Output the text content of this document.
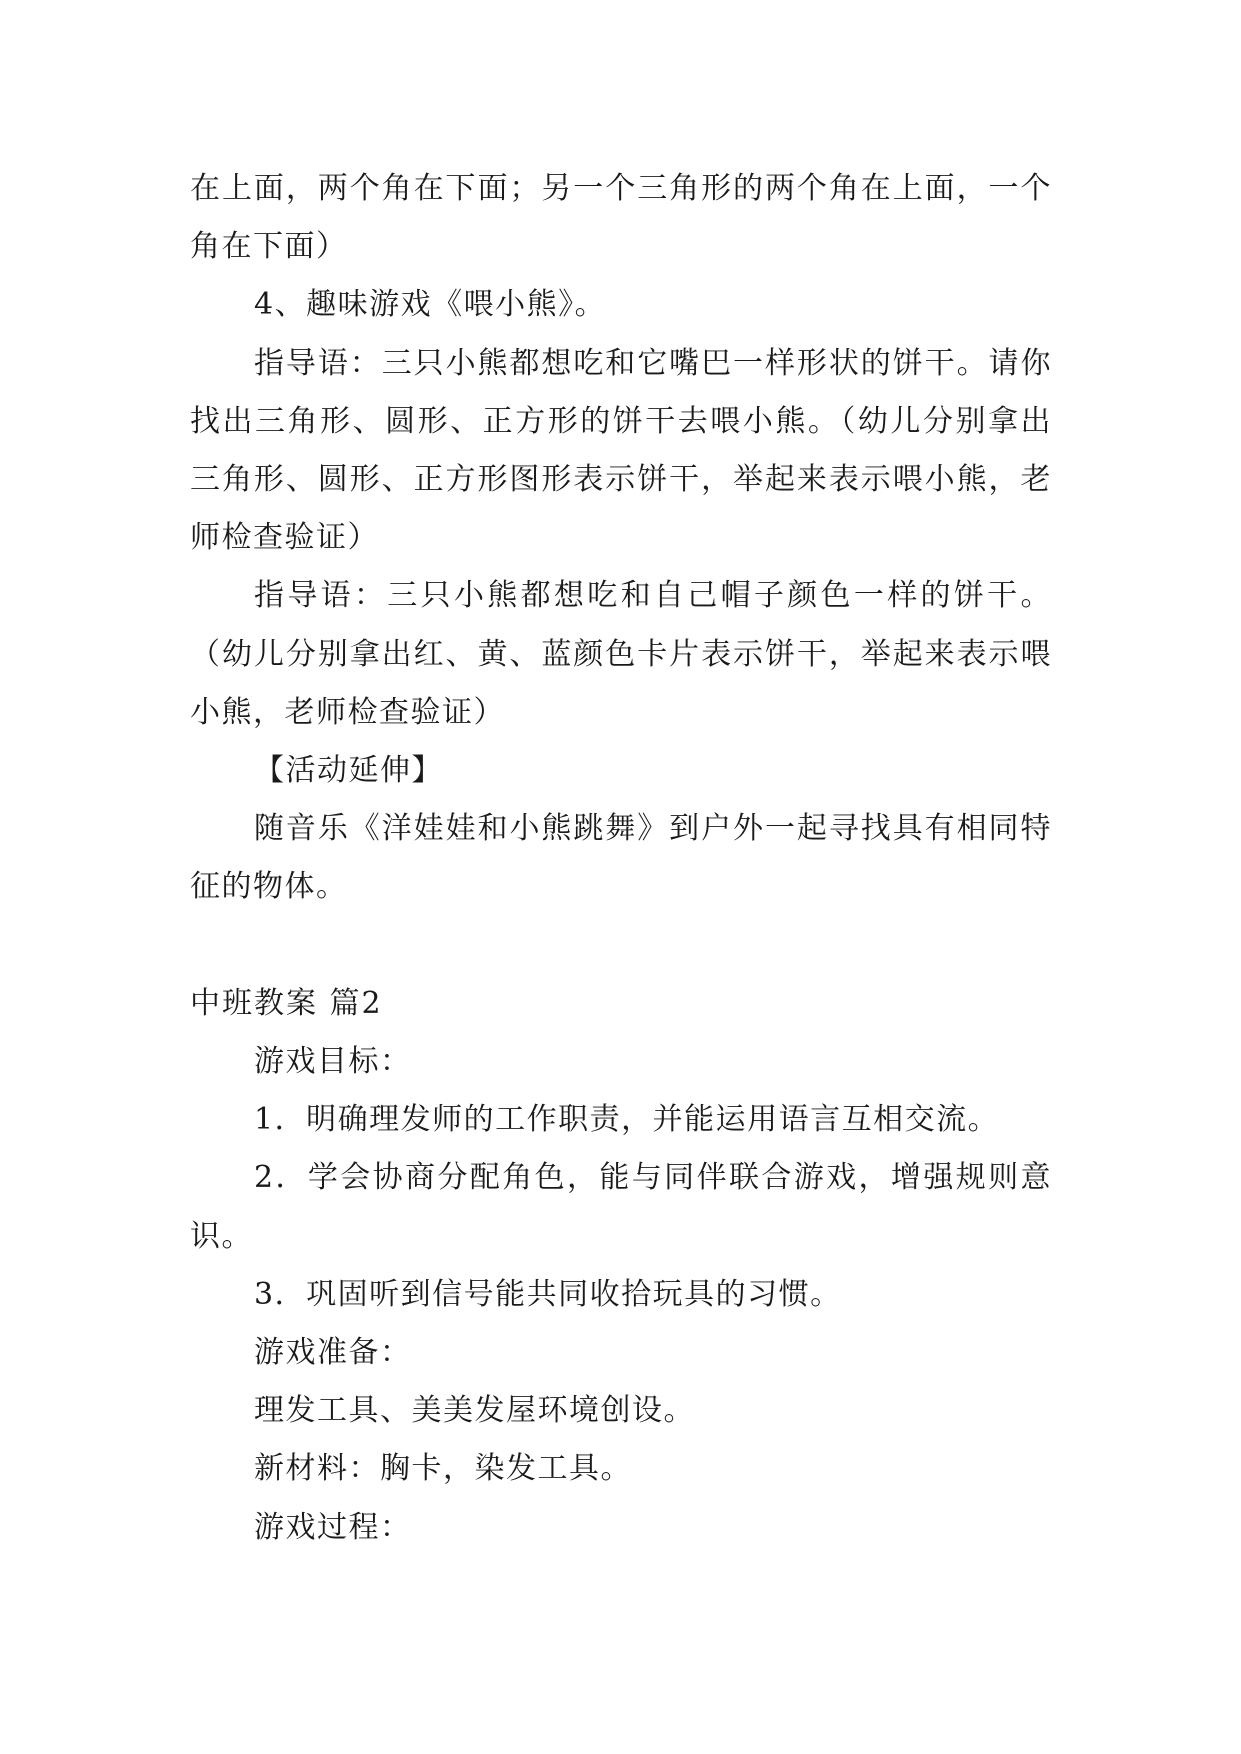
在上面，两个角在下面；另一个三角形的两个角在上面，一个角在下面）

4、趣味游戏《喂小熊》。

指导语：三只小熊都想吃和它嘴巴一样形状的饼干。请你找出三角形、圆形、正方形的饼干去喂小熊。（幼儿分别拿出三角形、圆形、正方形图形表示饼干，举起来表示喂小熊，老师检查验证）

指导语：三只小熊都想吃和自己帽子颜色一样的饼干。（幼儿分别拿出红、黄、蓝颜色卡片表示饼干，举起来表示喂小熊，老师检查验证）

【活动延伸】

随音乐《洋娃娃和小熊跳舞》到户外一起寻找具有相同特征的物体。

中班教案 篇2

游戏目标：

1．明确理发师的工作职责，并能运用语言互相交流。

2．学会协商分配角色，能与同伴联合游戏，增强规则意识。

3．巩固听到信号能共同收拾玩具的习惯。

游戏准备：

理发工具、美美发屋环境创设。

新材料：胸卡，染发工具。

游戏过程：
